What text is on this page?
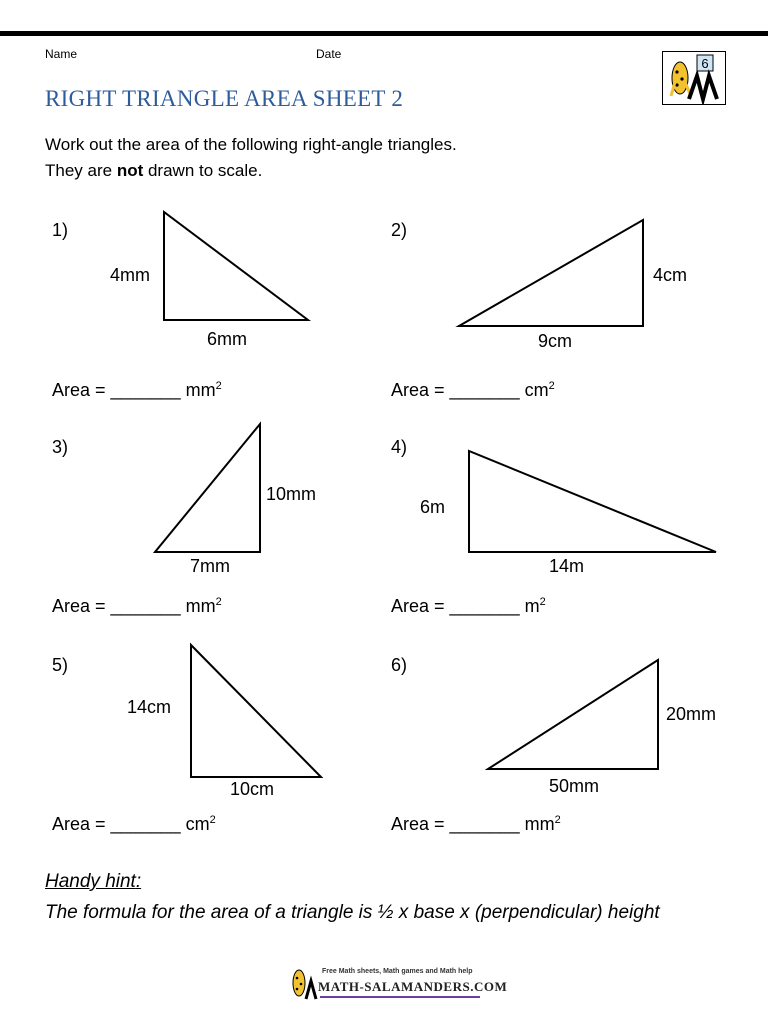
Name	Date
6
RIGHT TRIANGLE AREA SHEET 2
Work out the area of the following right-angle triangles.
They are not drawn to scale.
1)
4mm
6mm
Area = _______ $mm^2$
2)
4cm
9cm
Area = _______ $cm^2$
3)
10mm
7mm
Area = _______ $mm^2$
4)
6m
14m
Area = _______ $m^2$
5)
14cm
10cm
Area = _______ $cm^2$
6)
20mm
50mm
Area = _______ $mm^2$
Handy hint:
The formula for the area of a triangle is ½ x base x (perpendicular) height
Free Math sheets, Math games and Math help
MATH-SALAMANDERS.COM
